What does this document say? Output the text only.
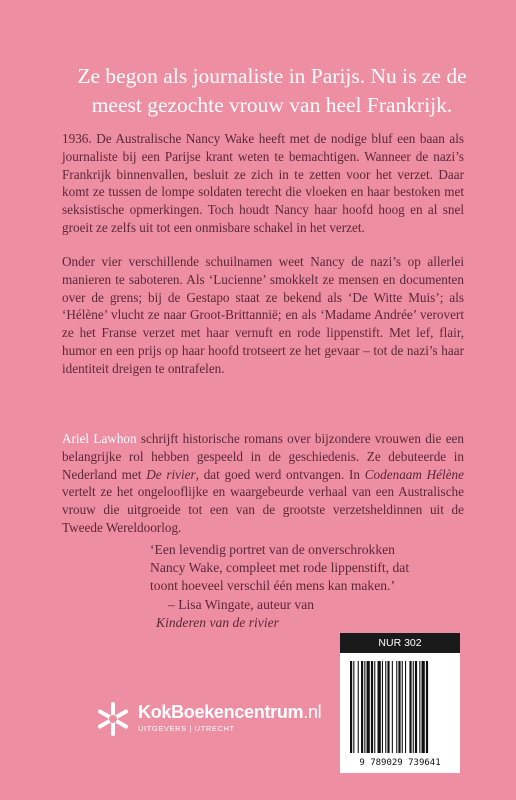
Ze begon als journaliste in Parijs. Nu is ze de
meest gezochte vrouw van heel Frankrijk.
1936. De Australische Nancy Wake heeft met de nodige bluf een baan als journaliste bij een Parijse krant weten te bemachtigen. Wanneer de nazi’s Frankrijk binnenvallen, besluit ze zich in te zetten voor het verzet. Daar komt ze tussen de lompe soldaten terecht die vloeken en haar bestoken met seksistische opmerkingen. Toch houdt Nancy haar hoofd hoog en al snel groeit ze zelfs uit tot een onmisbare schakel in het verzet.
Onder vier verschillende schuilnamen weet Nancy de nazi’s op allerlei manieren te saboteren. Als ‘Lucienne’ smokkelt ze mensen en documenten over de grens; bij de Gestapo staat ze bekend als ‘De Witte Muis’; als ‘Hélène’ vlucht ze naar Groot-Brittannië; en als ‘Madame Andrée’ verovert ze het Franse verzet met haar vernuft en rode lippenstift. Met lef, flair, humor en een prijs op haar hoofd trotseert ze het gevaar – tot de nazi’s haar identiteit dreigen te ontrafelen.
Ariel Lawhon schrijft historische romans over bijzondere vrouwen die een belangrijke rol hebben gespeeld in de geschiedenis. Ze debuteerde in Nederland met De rivier, dat goed werd ontvangen. In Codenaam Hélène vertelt ze het ongelooflijke en waargebeurde verhaal van een Australische vrouw die uitgroeide tot een van de grootste verzetsheldinnen uit de Tweede Wereldoorlog.
‘Een levendig portret van de onverschrokken
Nancy Wake, compleet met rode lippenstift, dat
toont hoeveel verschil één mens kan maken.’
– Lisa Wingate, auteur van
Kinderen van de rivier
KokBoekencentrum.nl
UITGEVERS | UTRECHT
NUR 302
9 789029 739641
